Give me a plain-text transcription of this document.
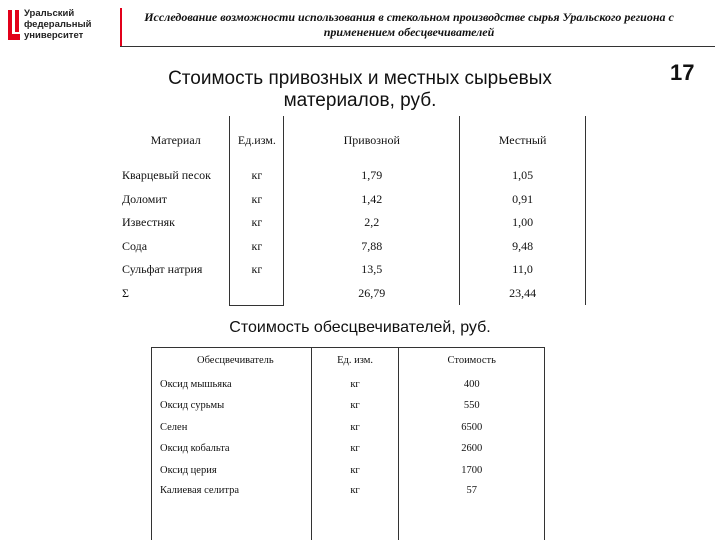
Уральский
федеральный
университет
Исследование возможности использования в стекольном производстве сырья Уральского региона с применением обесцвечивателей
17
Стоимость привозных и местных сырьевых материалов, руб.
Материал	Ед.изм.	Привозной	Местный
Кварцевый песок	кг	1,79	1,05
Доломит	кг	1,42	0,91
Известняк	кг	2,2	1,00
Сода	кг	7,88	9,48
Сульфат натрия	кг	13,5	11,0
Σ		26,79	23,44
Стоимость обесцвечивателей, руб.
Обесцвечиватель	Ед. изм.	Стоимость
Оксид мышьяка	кг	400
Оксид сурьмы	кг	550
Селен	кг	6500
Оксид кобальта	кг	2600
Оксид церия	кг	1700
Калиевая селитра	кг	57
